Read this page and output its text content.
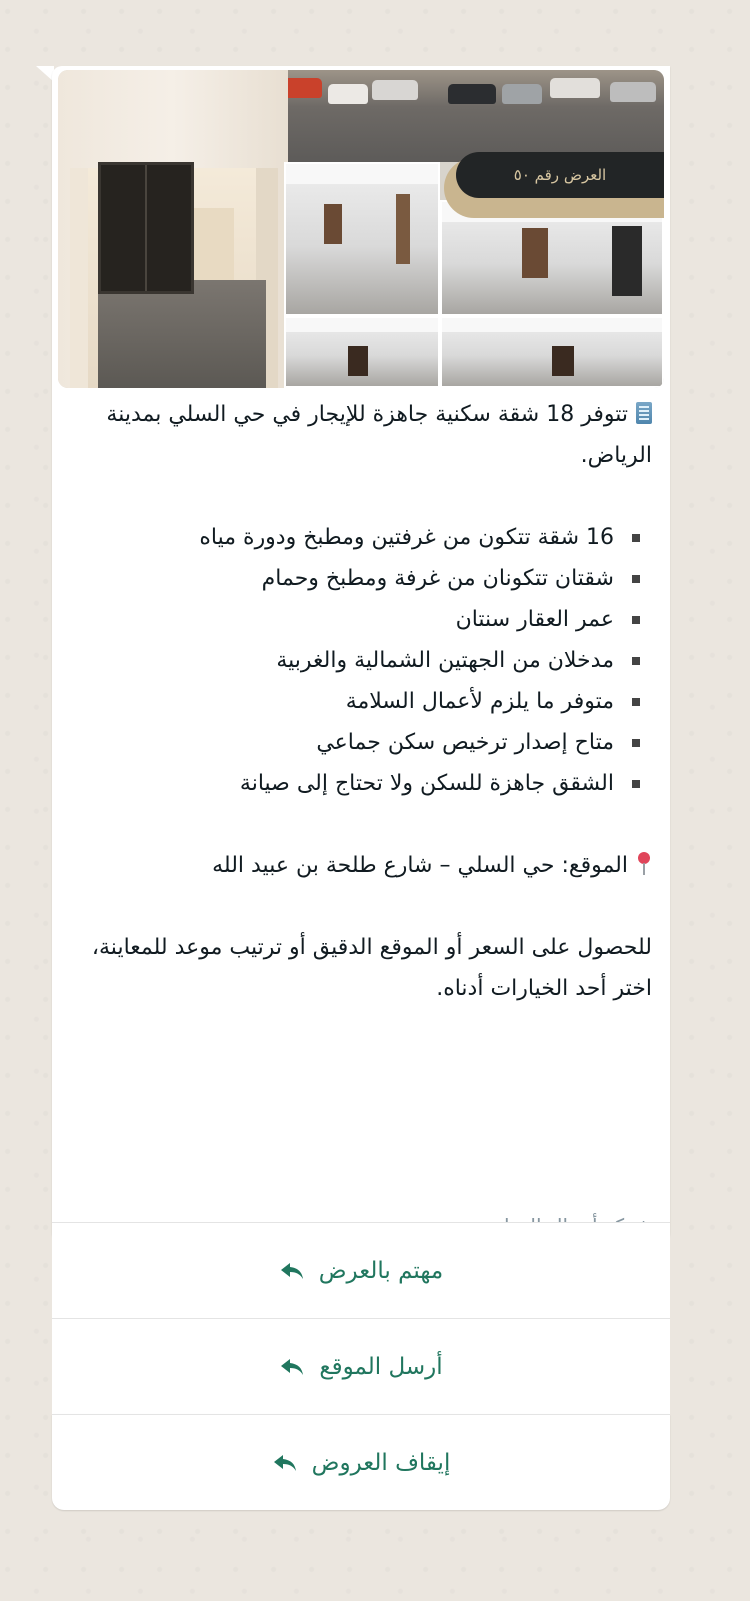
العرض رقم ٥٠

تتوفر 18 شقة سكنية جاهزة للإيجار في حي السلي بمدينة الرياض.

16 شقة تتكون من غرفتين ومطبخ ودورة مياه
شقتان تتكونان من غرفة ومطبخ وحمام
عمر العقار سنتان
مدخلان من الجهتين الشمالية والغربية
متوفر ما يلزم لأعمال السلامة
متاح إصدار ترخيص سكن جماعي
الشقق جاهزة للسكن ولا تحتاج إلى صيانة

الموقع: حي السلي – شارع طلحة بن عبيد الله

للحصول على السعر أو الموقع الدقيق أو ترتيب موعد للمعاينة، اختر أحد الخيارات أدناه.

مهتم بالعرض
أرسل الموقع
إيقاف العروض
